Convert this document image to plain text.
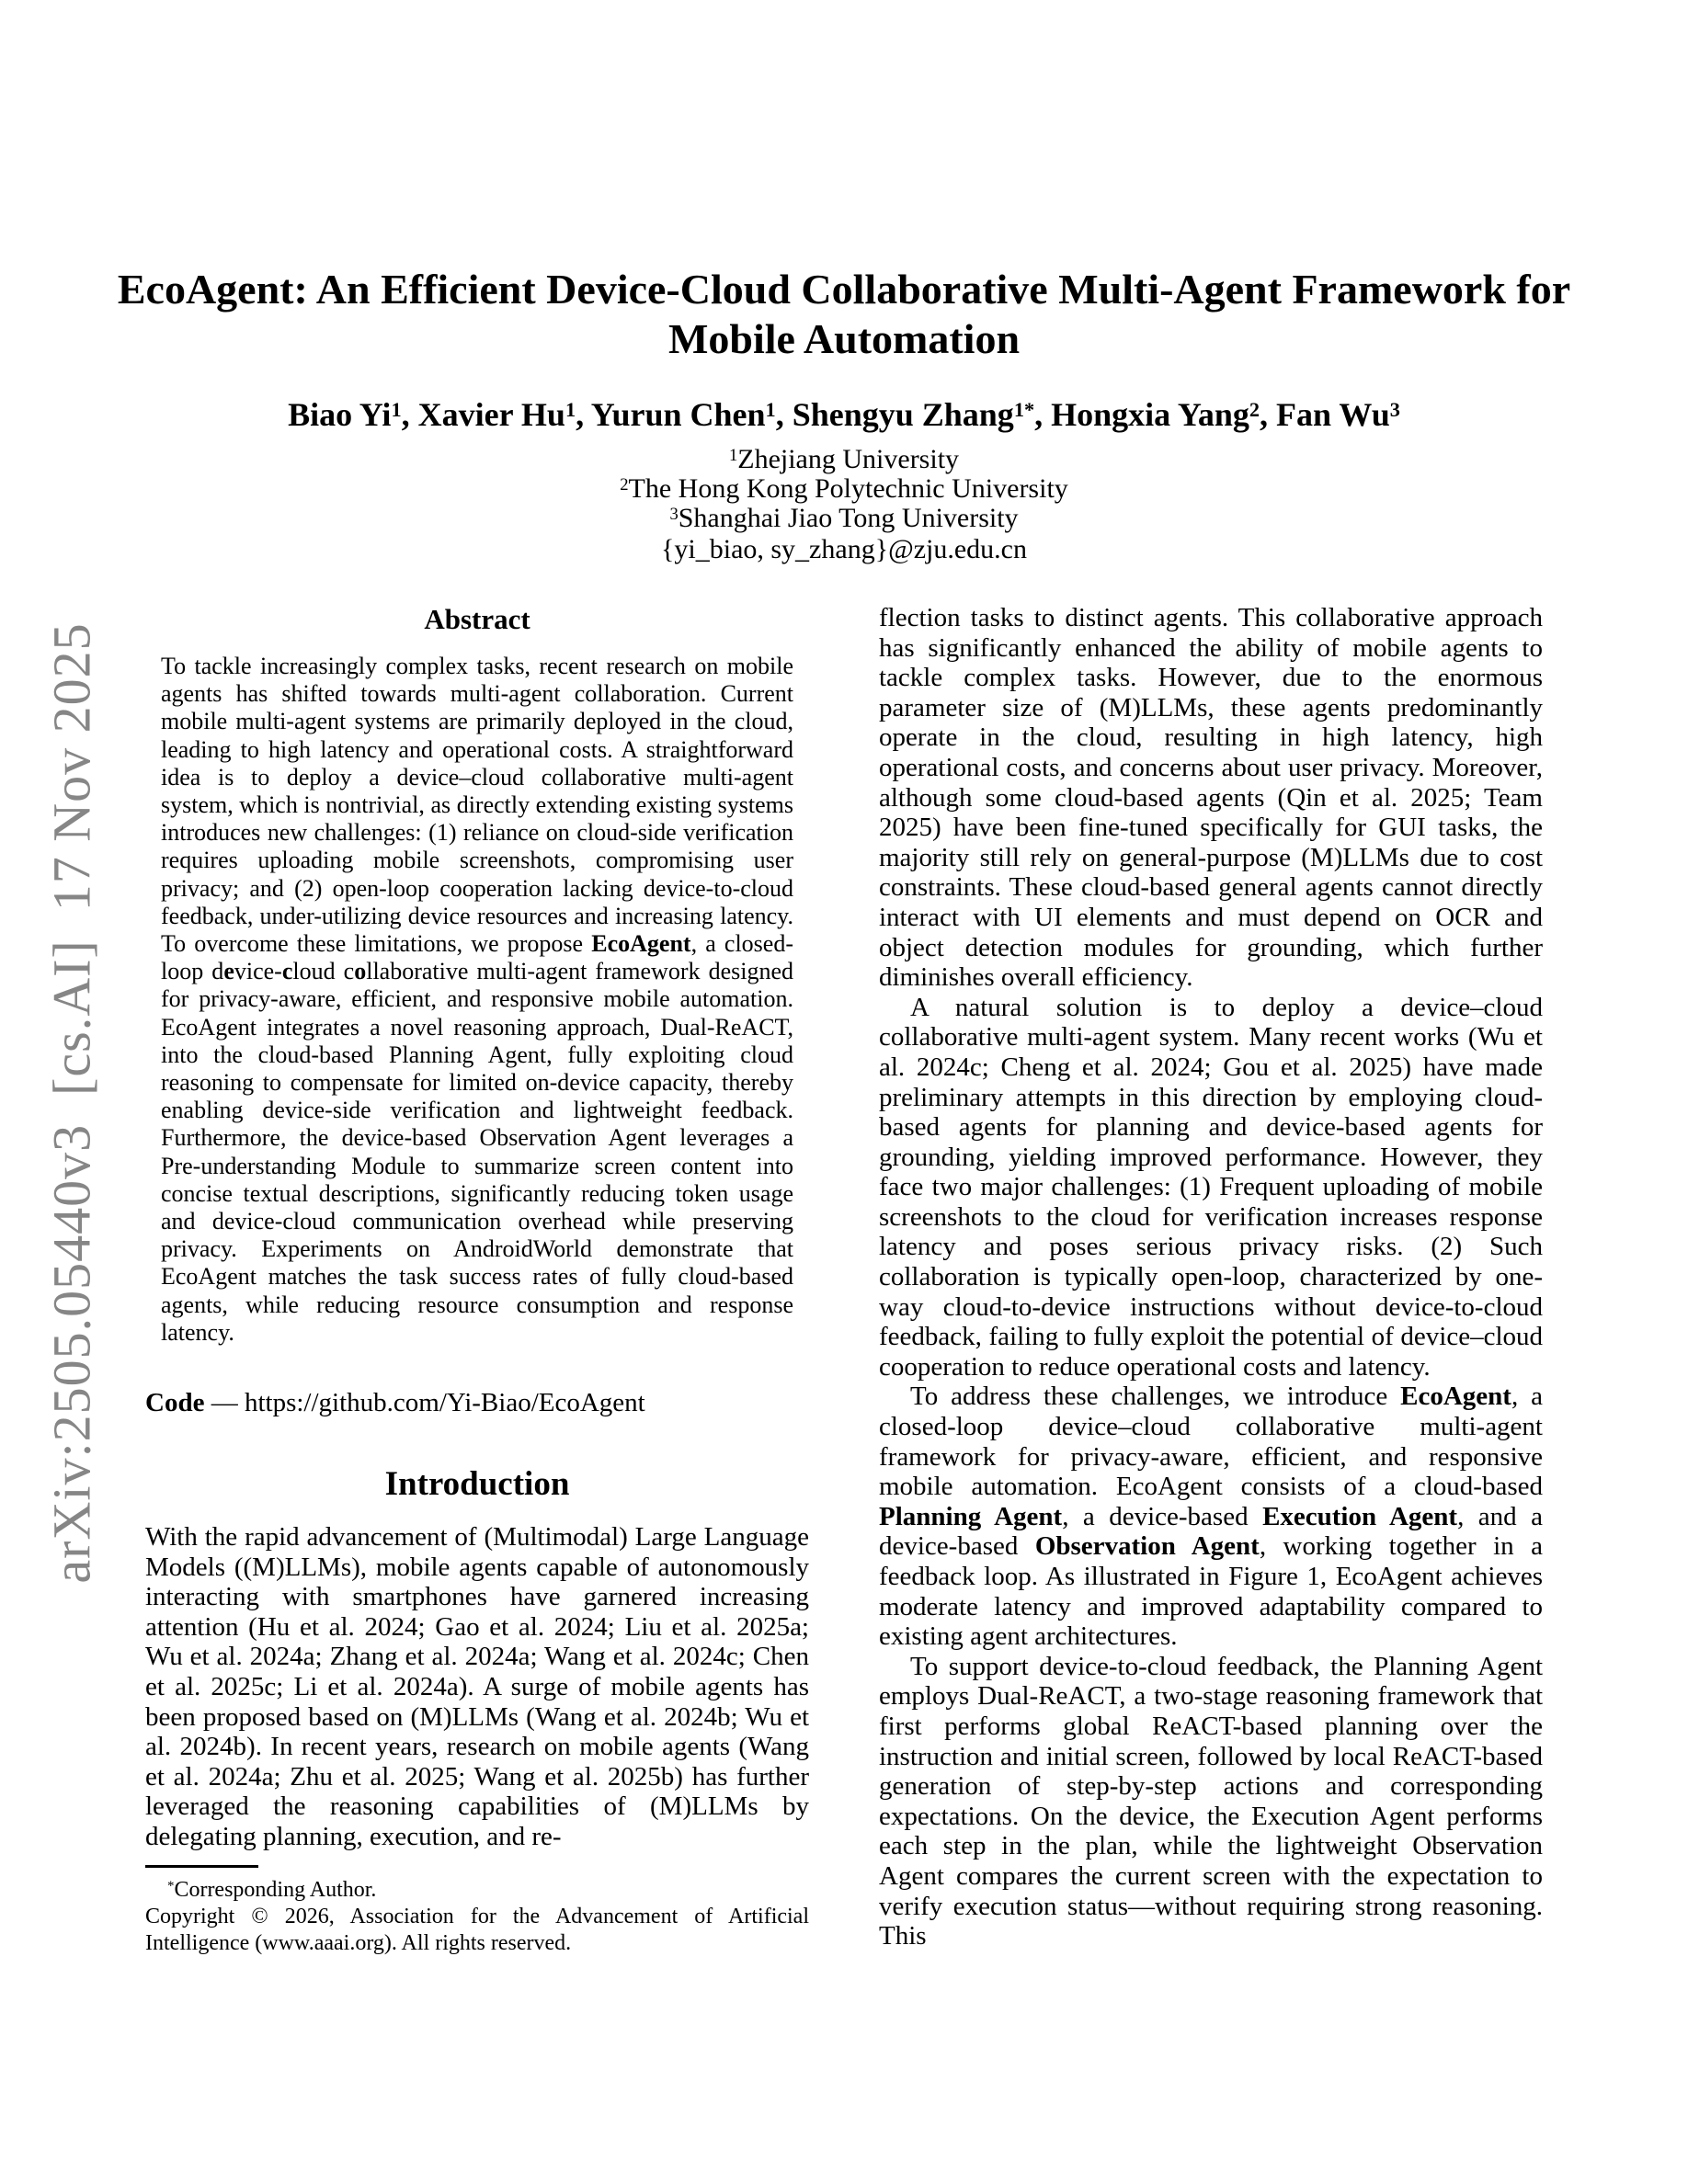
arXiv:2505.05440v3  [cs.AI]  17 Nov 2025
EcoAgent: An Efficient Device-Cloud Collaborative Multi-Agent Framework for
Mobile Automation
Biao Yi$^1$, Xavier Hu$^1$, Yurun Chen$^1$, Shengyu Zhang$^{1*}$, Hongxia Yang$^2$, Fan Wu$^3$
$^1$Zhejiang University
$^2$The Hong Kong Polytechnic University
$^3$Shanghai Jiao Tong University
{yi_biao, sy_zhang}@zju.edu.cn
Abstract

To tackle increasingly complex tasks, recent research on mobile agents has shifted towards multi-agent collaboration. Current mobile multi-agent systems are primarily deployed in the cloud, leading to high latency and operational costs. A straightforward idea is to deploy a device–cloud collaborative multi-agent system, which is nontrivial, as directly extending existing systems introduces new challenges: (1) reliance on cloud-side verification requires uploading mobile screenshots, compromising user privacy; and (2) open-loop cooperation lacking device-to-cloud feedback, under-utilizing device resources and increasing latency. To overcome these limitations, we propose EcoAgent, a closed-loop device-cloud collaborative multi-agent framework designed for privacy-aware, efficient, and responsive mobile automation. EcoAgent integrates a novel reasoning approach, Dual-ReACT, into the cloud-based Planning Agent, fully exploiting cloud reasoning to compensate for limited on-device capacity, thereby enabling device-side verification and lightweight feedback. Furthermore, the device-based Observation Agent leverages a Pre-understanding Module to summarize screen content into concise textual descriptions, significantly reducing token usage and device-cloud communication overhead while preserving privacy. Experiments on AndroidWorld demonstrate that EcoAgent matches the task success rates of fully cloud-based agents, while reducing resource consumption and response latency.

Code — https://github.com/Yi-Biao/EcoAgent

Introduction

With the rapid advancement of (Multimodal) Large Language Models ((M)LLMs), mobile agents capable of autonomously interacting with smartphones have garnered increasing attention (Hu et al. 2024; Gao et al. 2024; Liu et al. 2025a; Wu et al. 2024a; Zhang et al. 2024a; Wang et al. 2024c; Chen et al. 2025c; Li et al. 2024a). A surge of mobile agents has been proposed based on (M)LLMs (Wang et al. 2024b; Wu et al. 2024b). In recent years, research on mobile agents (Wang et al. 2024a; Zhu et al. 2025; Wang et al. 2025b) has further leveraged the reasoning capabilities of (M)LLMs by delegating planning, execution, and re-

*Corresponding Author.

Copyright © 2026, Association for the Advancement of Artificial Intelligence (www.aaai.org). All rights reserved.

flection tasks to distinct agents. This collaborative approach has significantly enhanced the ability of mobile agents to tackle complex tasks. However, due to the enormous parameter size of (M)LLMs, these agents predominantly operate in the cloud, resulting in high latency, high operational costs, and concerns about user privacy. Moreover, although some cloud-based agents (Qin et al. 2025; Team 2025) have been fine-tuned specifically for GUI tasks, the majority still rely on general-purpose (M)LLMs due to cost constraints. These cloud-based general agents cannot directly interact with UI elements and must depend on OCR and object detection modules for grounding, which further diminishes overall efficiency.

A natural solution is to deploy a device–cloud collaborative multi-agent system. Many recent works (Wu et al. 2024c; Cheng et al. 2024; Gou et al. 2025) have made preliminary attempts in this direction by employing cloud-based agents for planning and device-based agents for grounding, yielding improved performance. However, they face two major challenges: (1) Frequent uploading of mobile screenshots to the cloud for verification increases response latency and poses serious privacy risks. (2) Such collaboration is typically open-loop, characterized by one-way cloud-to-device instructions without device-to-cloud feedback, failing to fully exploit the potential of device–cloud cooperation to reduce operational costs and latency.

To address these challenges, we introduce EcoAgent, a closed-loop device–cloud collaborative multi-agent framework for privacy-aware, efficient, and responsive mobile automation. EcoAgent consists of a cloud-based Planning Agent, a device-based Execution Agent, and a device-based Observation Agent, working together in a feedback loop. As illustrated in Figure 1, EcoAgent achieves moderate latency and improved adaptability compared to existing agent architectures.

To support device-to-cloud feedback, the Planning Agent employs Dual-ReACT, a two-stage reasoning framework that first performs global ReACT-based planning over the instruction and initial screen, followed by local ReACT-based generation of step-by-step actions and corresponding expectations. On the device, the Execution Agent performs each step in the plan, while the lightweight Observation Agent compares the current screen with the expectation to verify execution status—without requiring strong reasoning. This
